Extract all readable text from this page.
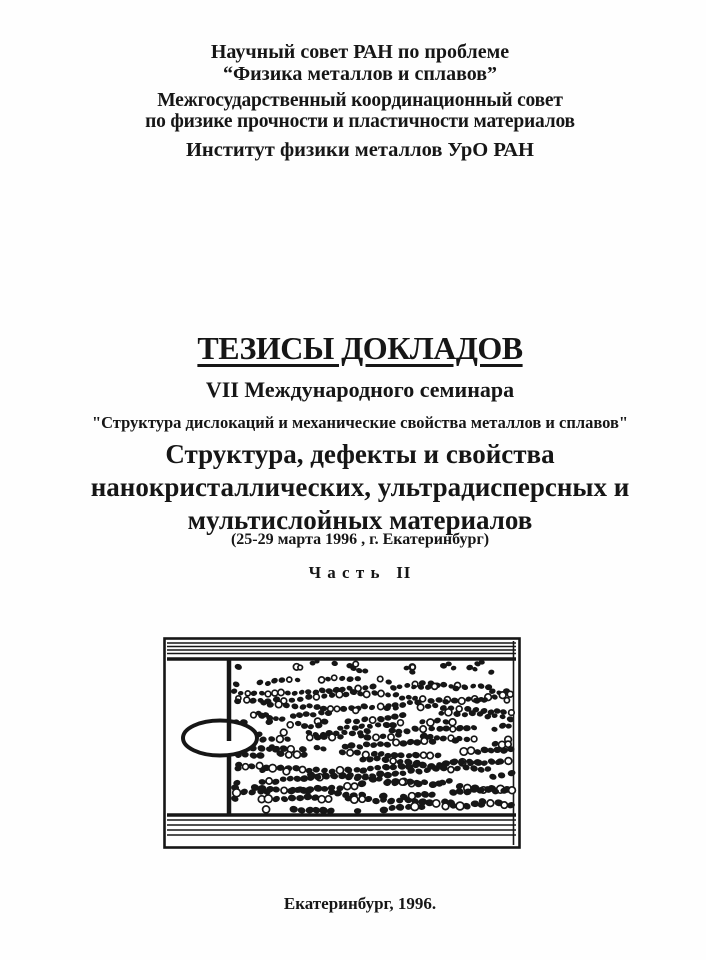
Научный совет РАН по проблеме
“Физика металлов и сплавов”
Межгосударственный координационный совет
по физике прочности и пластичности материалов
Институт физики металлов УрО РАН
ТЕЗИСЫ ДОКЛАДОВ
VII Международного семинара
"Структура дислокаций и механические свойства металлов и сплавов"
Структура, дефекты и свойства
нанокристаллических, ультрадисперсных и
мультислойных материалов
(25-29 марта 1996 , г. Екатеринбург)
Ч а с т ь   II
Екатеринбург, 1996.
